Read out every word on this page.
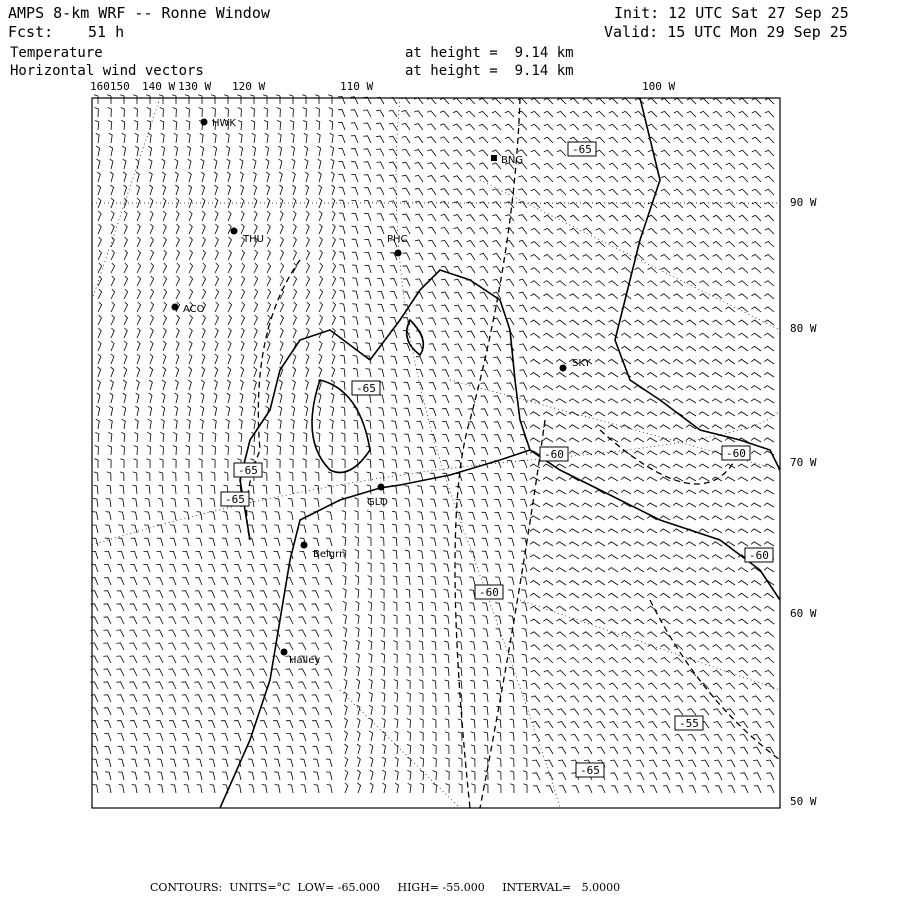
AMPS 8-km WRF -- Ronne Window	Init: 12 UTC Sat 27 Sep 25
Fcst: 51 h	Valid: 15 UTC Mon 29 Sep 25
Temperature
Horizontal wind vectors
at height =  9.14 km
at height =  9.14 km
160150 140 W 130 W 120 W	110 W	100 W
90 W
80 W
70 W
60 W
50 W
HWK
THU
ACO
PHC
BNG
SKY
GLO
Belgrn
Halley
-65
-65
-65
-65
-60	-60
-60
-60
-55
-65
CONTOURS:  UNITS=°C  LOW= -65.000     HIGH= -55.000     INTERVAL=   5.0000
